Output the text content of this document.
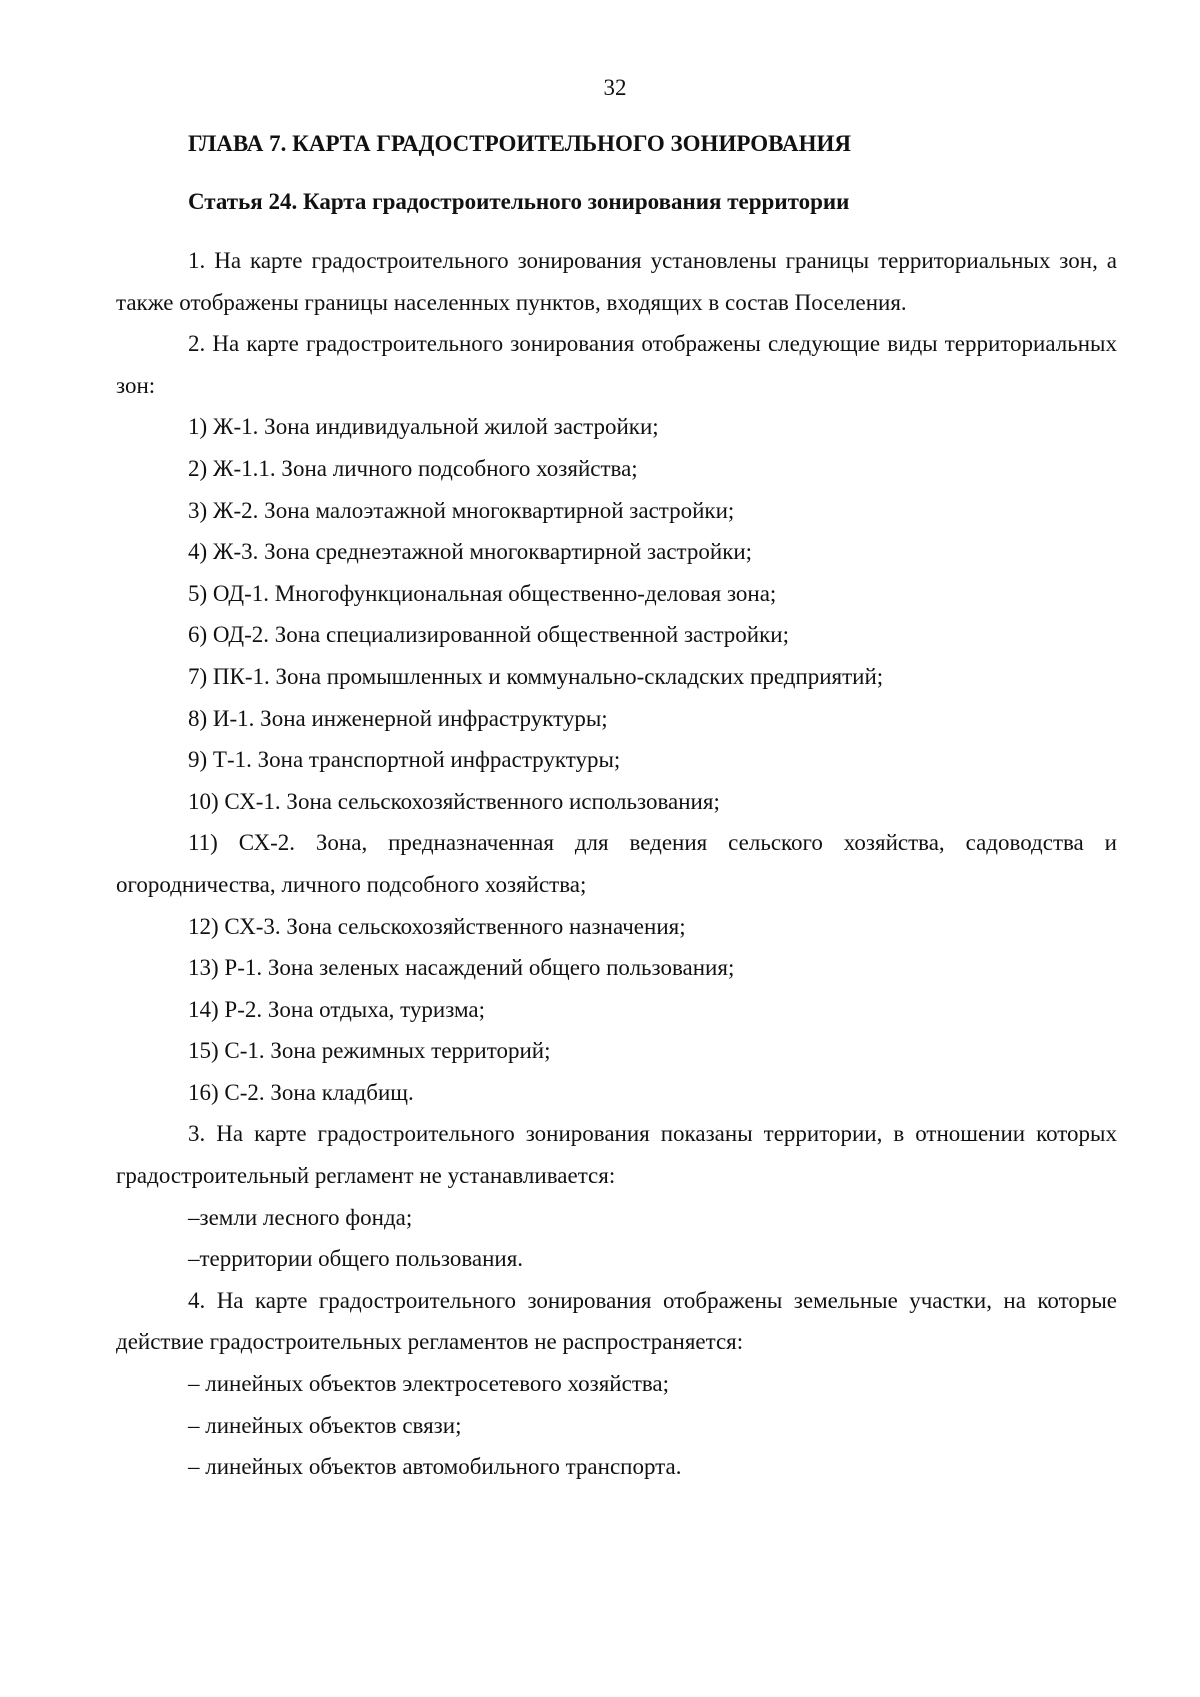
32

ГЛАВА 7. КАРТА ГРАДОСТРОИТЕЛЬНОГО ЗОНИРОВАНИЯ

Статья 24. Карта градостроительного зонирования территории

1. На карте градостроительного зонирования установлены границы территориальных зон, а также отображены границы населенных пунктов, входящих в состав Поселения.

2. На карте градостроительного зонирования отображены следующие виды территориальных зон:

1) Ж-1. Зона индивидуальной жилой застройки;

2) Ж-1.1. Зона личного подсобного хозяйства;

3) Ж-2. Зона малоэтажной многоквартирной застройки;

4) Ж-3. Зона среднеэтажной многоквартирной застройки;

5) ОД-1. Многофункциональная общественно-деловая зона;

6) ОД-2. Зона специализированной общественной застройки;

7) ПК-1. Зона промышленных и коммунально-складских предприятий;

8) И-1. Зона инженерной инфраструктуры;

9) Т-1. Зона транспортной инфраструктуры;

10) СХ-1. Зона сельскохозяйственного использования;

11) СХ-2. Зона, предназначенная для ведения сельского хозяйства, садоводства и огородничества, личного подсобного хозяйства;

12) СХ-3. Зона сельскохозяйственного назначения;

13) Р-1. Зона зеленых насаждений общего пользования;

14) Р-2. Зона отдыха, туризма;

15) С-1. Зона режимных территорий;

16) С-2. Зона кладбищ.

3. На карте градостроительного зонирования показаны территории, в отношении которых градостроительный регламент не устанавливается:

–земли лесного фонда;

–территории общего пользования.

4. На карте градостроительного зонирования отображены земельные участки, на которые действие градостроительных регламентов не распространяется:

– линейных объектов электросетевого хозяйства;

– линейных объектов связи;

– линейных объектов автомобильного транспорта.
